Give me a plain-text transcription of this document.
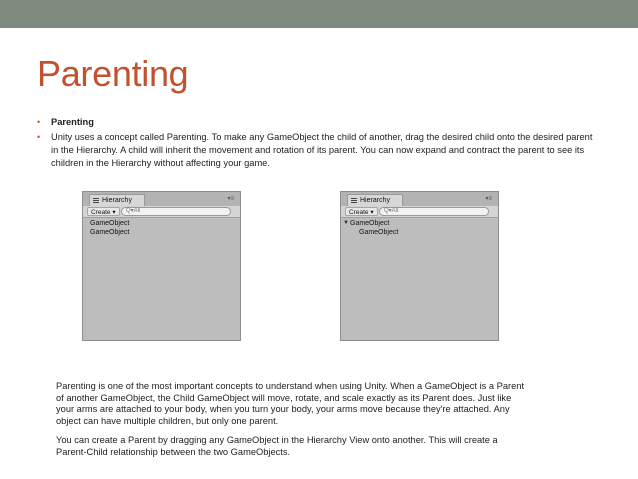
Parenting
• Parenting
• Unity uses a concept called Parenting. To make any GameObject the child of another, drag the desired child onto the desired parent in the Hierarchy. A child will inherit the movement and rotation of its parent. You can now expand and contract the parent to see its children in the Hierarchy without affecting your game.
Hierarchy	▾≡
Create ▾	Q▾All
GameObject
GameObject
Hierarchy	▾≡
Create ▾	Q▾All
▼ GameObject
GameObject

Parenting is one of the most important concepts to understand when using Unity. When a GameObject is a Parent of another GameObject, the Child GameObject will move, rotate, and scale exactly as its Parent does. Just like your arms are attached to your body, when you turn your body, your arms move because they're attached. Any object can have multiple children, but only one parent.

You can create a Parent by dragging any GameObject in the Hierarchy View onto another. This will create a Parent-Child relationship between the two GameObjects.
